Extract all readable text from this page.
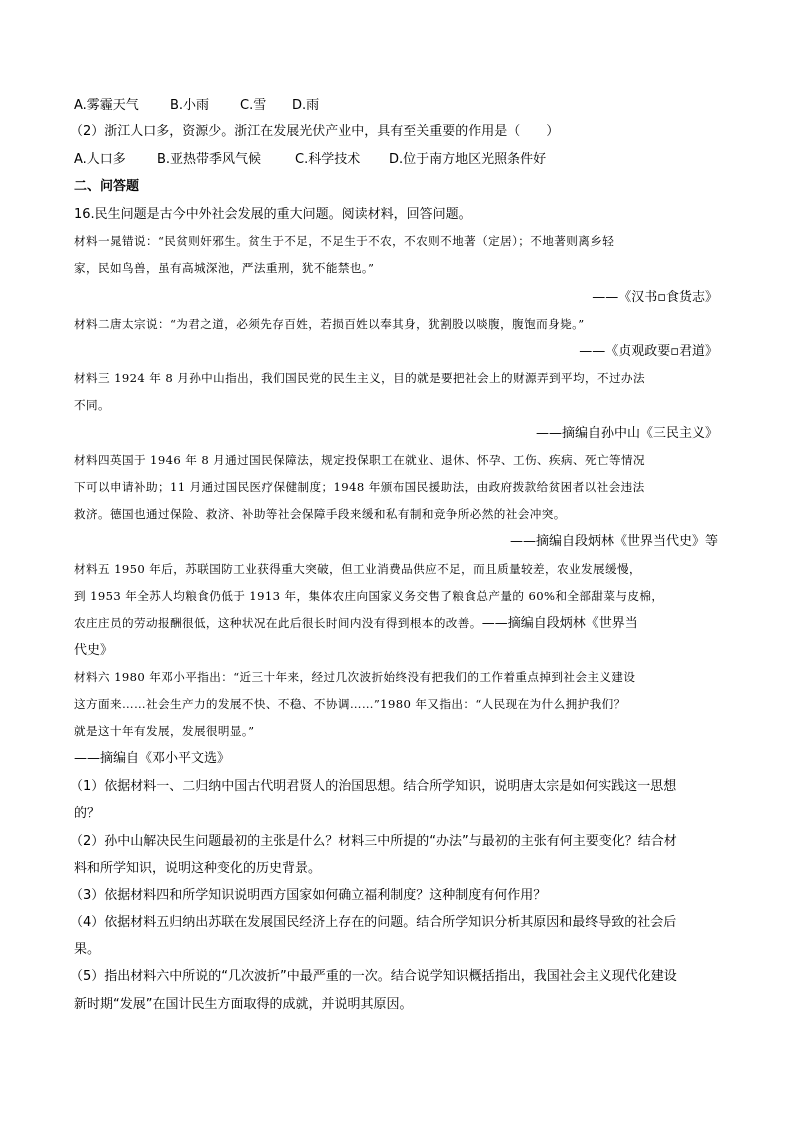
A.雾霾天气 B.小雨 C.雪 D.雨
（2）浙江人口多，资源少。浙江在发展光伏产业中，具有至关重要的作用是（　　）
A.人口多 B.亚热带季风气候	C.科学技术 D.位于南方地区光照条件好
二、问答题
16.民生问题是古今中外社会发展的重大问题。阅读材料，回答问题。
材料一晁错说：“民贫则奸邪生。贫生于不足，不足生于不农，不农则不地著（定居）；不地著则离乡轻
家，民如鸟兽，虽有高城深池，严法重刑，犹不能禁也。”
——《汉书▫食货志》
材料二唐太宗说：“为君之道，必须先存百姓，若损百姓以奉其身，犹割股以啖腹，腹饱而身毙。”
——《贞观政要▫君道》
材料三 1924 年 8 月孙中山指出，我们国民党的民生主义，目的就是要把社会上的财源弄到平均，不过办法
不同。
——摘编自孙中山《三民主义》
材料四英国于 1946 年 8 月通过国民保障法，规定投保职工在就业、退休、怀孕、工伤、疾病、死亡等情况
下可以申请补助；11 月通过国民医疗保健制度；1948 年颁布国民援助法，由政府拨款给贫困者以社会违法
救济。德国也通过保险、救济、补助等社会保障手段来缓和私有制和竞争所必然的社会冲突。
——摘编自段炳林《世界当代史》等
材料五 1950 年后，苏联国防工业获得重大突破，但工业消费品供应不足，而且质量较差，农业发展缓慢，
到 1953 年全苏人均粮食仍低于 1913 年，集体农庄向国家义务交售了粮食总产量的 60%和全部甜菜与皮棉，
农庄庄员的劳动报酬很低，这种状况在此后很长时间内没有得到根本的改善。——摘编自段炳林《世界当
代史》
材料六 1980 年邓小平指出：“近三十年来，经过几次波折始终没有把我们的工作着重点掉到社会主义建设
这方面来……社会生产力的发展不快、不稳、不协调……”1980 年又指出：“人民现在为什么拥护我们？
就是这十年有发展，发展很明显。”
——摘编自《邓小平文选》
（1）依据材料一、二归纳中国古代明君贤人的治国思想。结合所学知识，说明唐太宗是如何实践这一思想
的？
（2）孙中山解决民生问题最初的主张是什么？材料三中所提的“办法”与最初的主张有何主要变化？结合材
料和所学知识，说明这种变化的历史背景。
（3）依据材料四和所学知识说明西方国家如何确立福利制度？这种制度有何作用？
（4）依据材料五归纳出苏联在发展国民经济上存在的问题。结合所学知识分析其原因和最终导致的社会后
果。
（5）指出材料六中所说的“几次波折”中最严重的一次。结合说学知识概括指出，我国社会主义现代化建设
新时期“发展”在国计民生方面取得的成就，并说明其原因。
